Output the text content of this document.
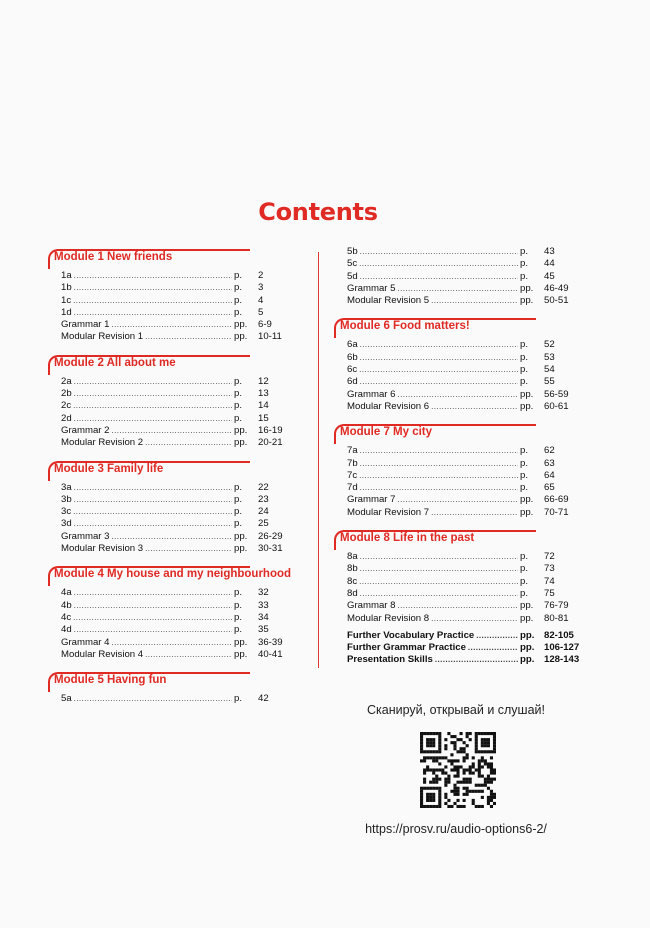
Contents
Module 1 New friends
1a .....	p.	2
1b .....	p.	3
1c .....	p.	4
1d .....	p.	5
Grammar 1 .....	pp.	6-9
Modular Revision 1 .....	pp.	10-11
Module 2 All about me
2a .....	p.	12
2b .....	p.	13
2c .....	p.	14
2d .....	p.	15
Grammar 2 .....	pp.	16-19
Modular Revision 2 .....	pp.	20-21
Module 3 Family life
3a .....	p.	22
3b .....	p.	23
3c .....	p.	24
3d .....	p.	25
Grammar 3 .....	pp.	26-29
Modular Revision 3 .....	pp.	30-31
Module 4 My house and my neighbourhood
4a .....	p.	32
4b .....	p.	33
4c .....	p.	34
4d .....	p.	35
Grammar 4 .....	pp.	36-39
Modular Revision 4 .....	pp.	40-41
Module 5 Having fun
5a .....	p.	42
5b .....	p.	43
5c .....	p.	44
5d .....	p.	45
Grammar 5 .....	pp.	46-49
Modular Revision 5 .....	pp.	50-51
Module 6 Food matters!
6a .....	p.	52
6b .....	p.	53
6c .....	p.	54
6d .....	p.	55
Grammar 6 .....	pp.	56-59
Modular Revision 6 .....	pp.	60-61
Module 7 My city
7a .....	p.	62
7b .....	p.	63
7c .....	p.	64
7d .....	p.	65
Grammar 7 .....	pp.	66-69
Modular Revision 7 .....	pp.	70-71
Module 8 Life in the past
8a .....	p.	72
8b .....	p.	73
8c .....	p.	74
8d .....	p.	75
Grammar 8 .....	pp.	76-79
Modular Revision 8 .....	pp.	80-81
Further Vocabulary Practice .....	pp.	82-105
Further Grammar Practice .....	pp.	106-127
Presentation Skills .....	pp.	128-143
Сканируй, открывай и слушай!
https://prosv.ru/audio-options6-2/
